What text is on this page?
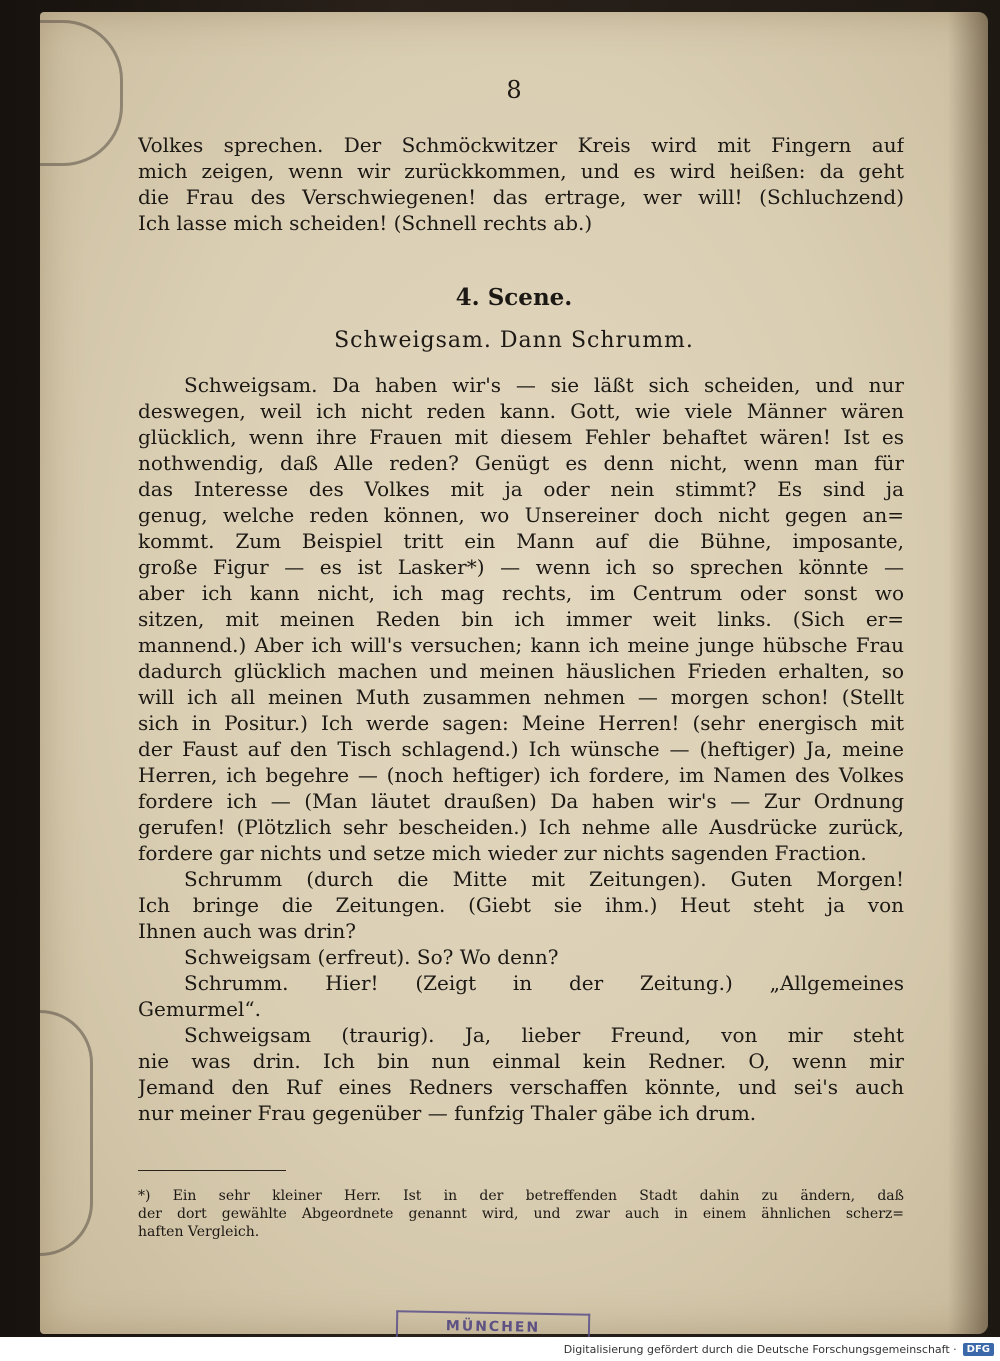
8
Volkes sprechen. Der Schmöckwitzer Kreis wird mit Fingern auf
mich zeigen, wenn wir zurückkommen, und es wird heißen: da geht
die Frau des Verschwiegenen! das ertrage, wer will! (Schluchzend)
Ich lasse mich scheiden! (Schnell rechts ab.)
4. Scene.
Schweigsam. Dann Schrumm.
Schweigsam. Da haben wir's — sie läßt sich scheiden, und nur
deswegen, weil ich nicht reden kann. Gott, wie viele Männer wären
glücklich, wenn ihre Frauen mit diesem Fehler behaftet wären! Ist es
nothwendig, daß Alle reden? Genügt es denn nicht, wenn man für
das Interesse des Volkes mit ja oder nein stimmt? Es sind ja
genug, welche reden können, wo Unsereiner doch nicht gegen an=
kommt. Zum Beispiel tritt ein Mann auf die Bühne, imposante,
große Figur — es ist Lasker*) — wenn ich so sprechen könnte —
aber ich kann nicht, ich mag rechts, im Centrum oder sonst wo
sitzen, mit meinen Reden bin ich immer weit links. (Sich er=
mannend.) Aber ich will's versuchen; kann ich meine junge hübsche Frau
dadurch glücklich machen und meinen häuslichen Frieden erhalten, so
will ich all meinen Muth zusammen nehmen — morgen schon! (Stellt
sich in Positur.) Ich werde sagen: Meine Herren! (sehr energisch mit
der Faust auf den Tisch schlagend.) Ich wünsche — (heftiger) Ja, meine
Herren, ich begehre — (noch heftiger) ich fordere, im Namen des Volkes
fordere ich — (Man läutet draußen) Da haben wir's — Zur Ordnung
gerufen! (Plötzlich sehr bescheiden.) Ich nehme alle Ausdrücke zurück,
fordere gar nichts und setze mich wieder zur nichts sagenden Fraction.
Schrumm (durch die Mitte mit Zeitungen). Guten Morgen!
Ich bringe die Zeitungen. (Giebt sie ihm.) Heut steht ja von
Ihnen auch was drin?
Schweigsam (erfreut). So? Wo denn?
Schrumm. Hier! (Zeigt in der Zeitung.) „Allgemeines
Gemurmel“.
Schweigsam (traurig). Ja, lieber Freund, von mir steht
nie was drin. Ich bin nun einmal kein Redner. O, wenn mir
Jemand den Ruf eines Redners verschaffen könnte, und sei's auch
nur meiner Frau gegenüber — funfzig Thaler gäbe ich drum.
*) Ein sehr kleiner Herr. Ist in der betreffenden Stadt dahin zu ändern, daß
der dort gewählte Abgeordnete genannt wird, und zwar auch in einem ähnlichen scherz=
haften Vergleich.
MÜNCHEN
Digitalisierung gefördert durch die Deutsche Forschungsgemeinschaft ·	DFG
